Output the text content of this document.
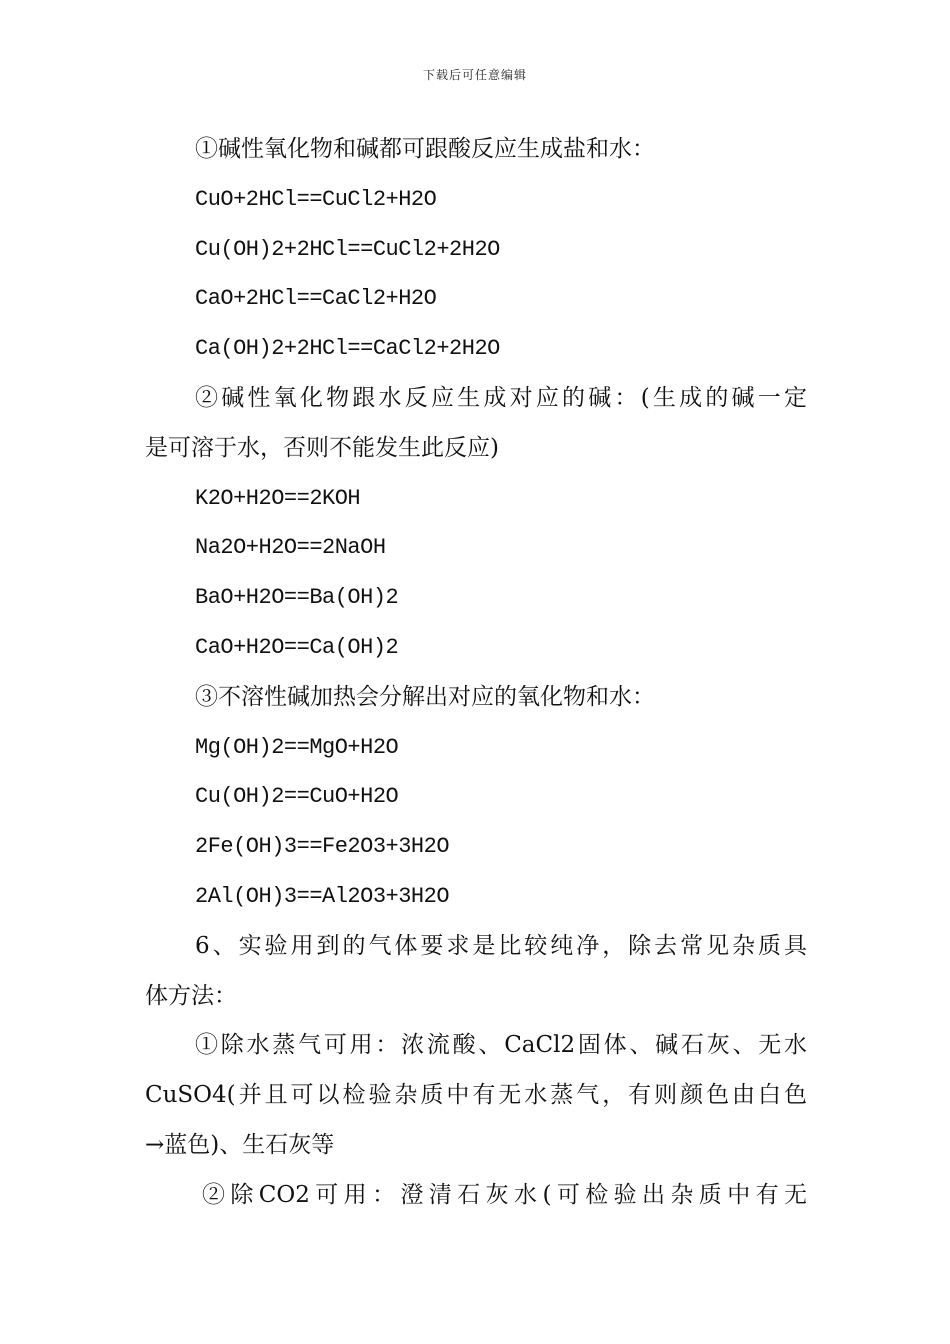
下载后可任意编辑
①碱性氧化物和碱都可跟酸反应生成盐和水：
CuO+2HCl==CuCl2+H2O
Cu(OH)2+2HCl==CuCl2+2H2O
CaO+2HCl==CaCl2+H2O
Ca(OH)2+2HCl==CaCl2+2H2O
②碱性氧化物跟水反应生成对应的碱：(生成的碱一定
是可溶于水，否则不能发生此反应)
K2O+H2O==2KOH
Na2O+H2O==2NaOH
BaO+H2O==Ba(OH)2
CaO+H2O==Ca(OH)2
③不溶性碱加热会分解出对应的氧化物和水：
Mg(OH)2==MgO+H2O
Cu(OH)2==CuO+H2O
2Fe(OH)3==Fe2O3+3H2O
2Al(OH)3==Al2O3+3H2O
6、实验用到的气体要求是比较纯净，除去常见杂质具
体方法：
①除水蒸气可用：浓流酸、CaCl2固体、碱石灰、无水
CuSO4(并且可以检验杂质中有无水蒸气，有则颜色由白色
→蓝色)、生石灰等
②除CO2可用：澄清石灰水(可检验出杂质中有无
